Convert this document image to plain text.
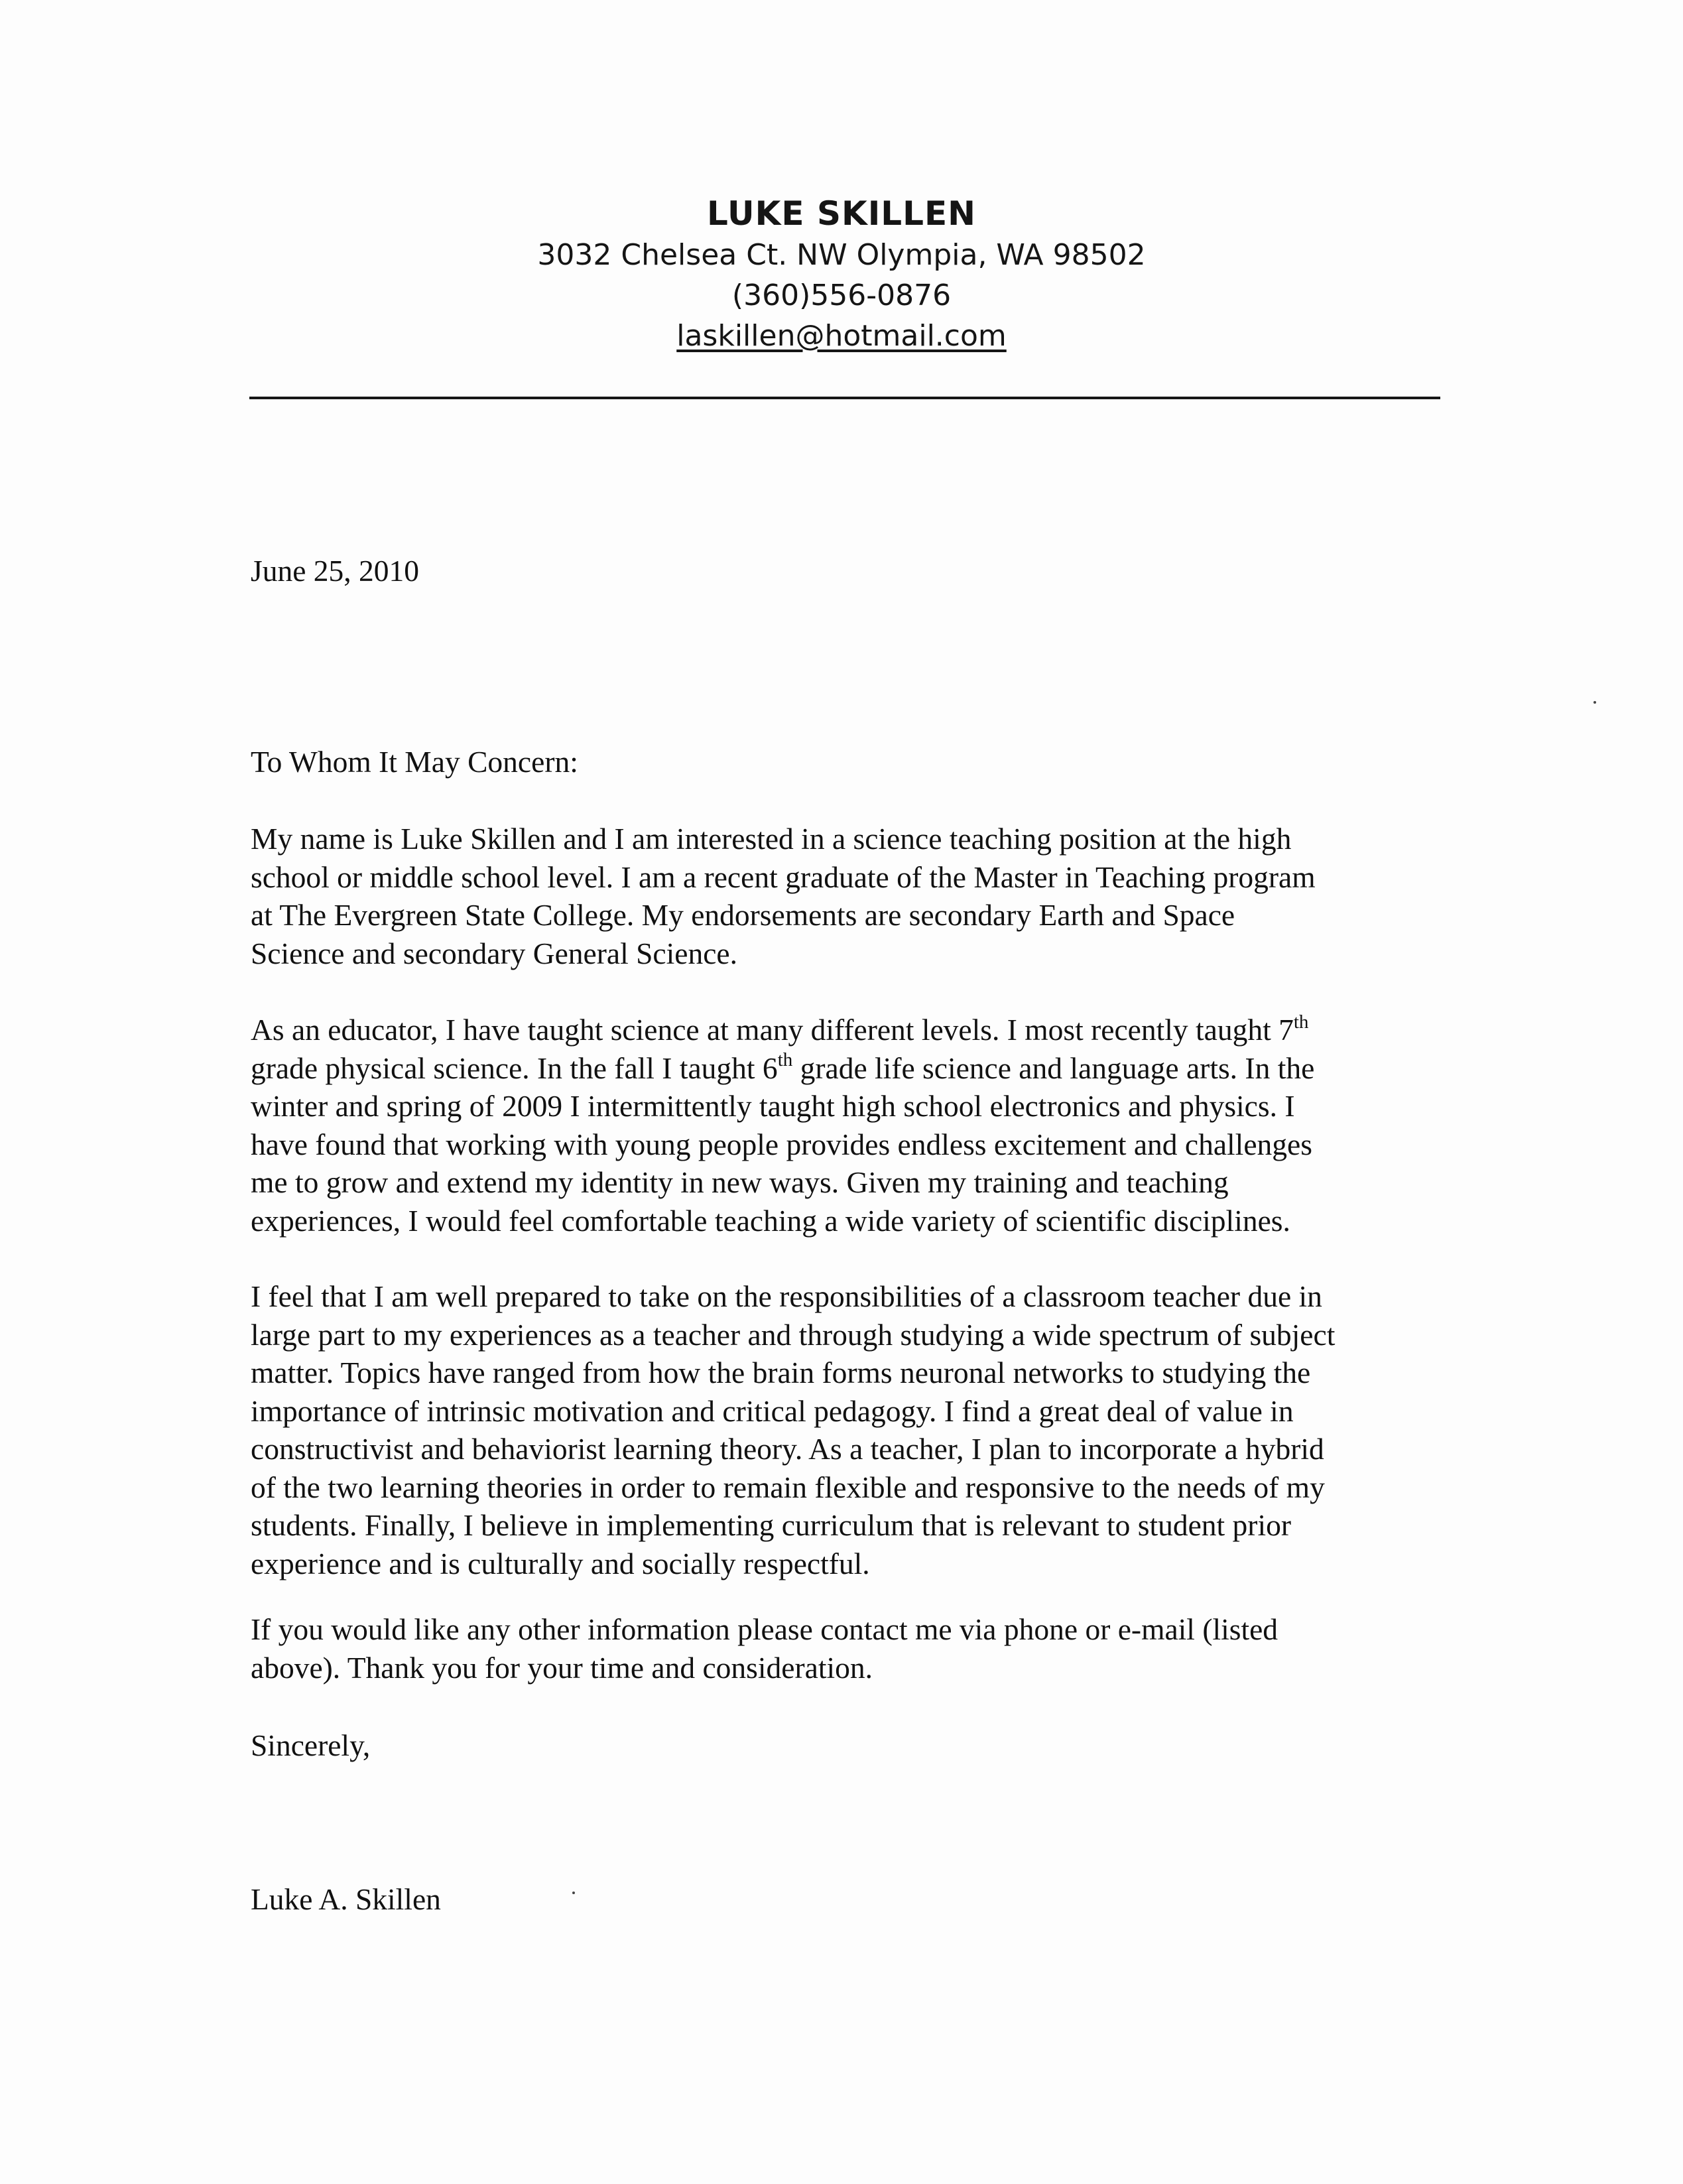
LUKE SKILLEN
3032 Chelsea Ct. NW Olympia, WA 98502
(360)556-0876
laskillen@hotmail.com
June 25, 2010
To Whom It May Concern:
My name is Luke Skillen and I am interested in a science teaching position at the high
school or middle school level. I am a recent graduate of the Master in Teaching program
at The Evergreen State College. My endorsements are secondary Earth and Space
Science and secondary General Science.
As an educator, I have taught science at many different levels. I most recently taught 7th
grade physical science. In the fall I taught 6th grade life science and language arts. In the
winter and spring of 2009 I intermittently taught high school electronics and physics. I
have found that working with young people provides endless excitement and challenges
me to grow and extend my identity in new ways. Given my training and teaching
experiences, I would feel comfortable teaching a wide variety of scientific disciplines.
I feel that I am well prepared to take on the responsibilities of a classroom teacher due in
large part to my experiences as a teacher and through studying a wide spectrum of subject
matter. Topics have ranged from how the brain forms neuronal networks to studying the
importance of intrinsic motivation and critical pedagogy. I find a great deal of value in
constructivist and behaviorist learning theory. As a teacher, I plan to incorporate a hybrid
of the two learning theories in order to remain flexible and responsive to the needs of my
students. Finally, I believe in implementing curriculum that is relevant to student prior
experience and is culturally and socially respectful.
If you would like any other information please contact me via phone or e-mail (listed
above). Thank you for your time and consideration.
Sincerely,
Luke A. Skillen
